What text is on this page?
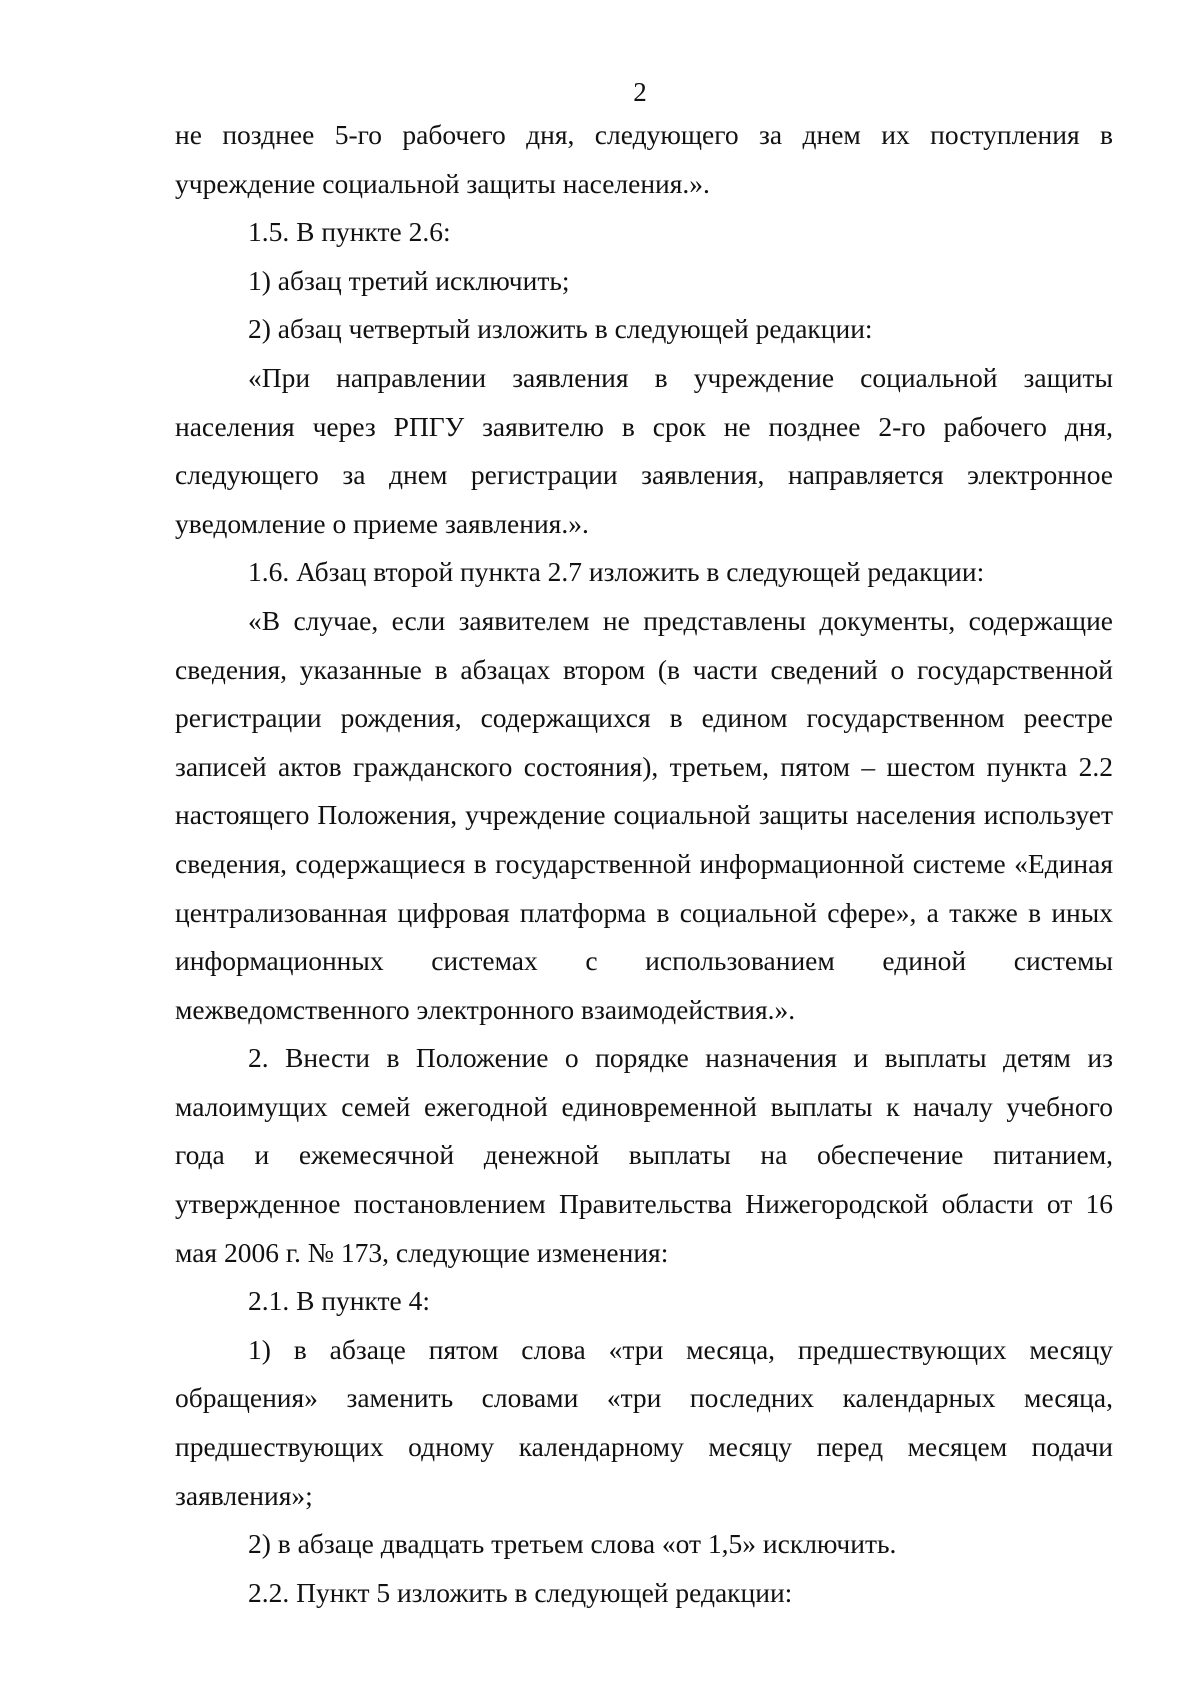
2

не позднее 5-го рабочего дня, следующего за днем их поступления в учреждение социальной защиты населения.».

1.5. В пункте 2.6:

1) абзац третий исключить;

2) абзац четвертый изложить в следующей редакции:

«При направлении заявления в учреждение социальной защиты населения через РПГУ заявителю в срок не позднее 2-го рабочего дня, следующего за днем регистрации заявления, направляется электронное уведомление о приеме заявления.».

1.6. Абзац второй пункта 2.7 изложить в следующей редакции:

«В случае, если заявителем не представлены документы, содержащие сведения, указанные в абзацах втором (в части сведений о государственной регистрации рождения, содержащихся в едином государственном реестре записей актов гражданского состояния), третьем, пятом – шестом пункта 2.2 настоящего Положения, учреждение социальной защиты населения использует сведения, содержащиеся в государственной информационной системе «Единая централизованная цифровая платформа в социальной сфере», а также в иных информационных системах с использованием единой системы межведомственного электронного взаимодействия.».

2. Внести в Положение о порядке назначения и выплаты детям из малоимущих семей ежегодной единовременной выплаты к началу учебного года и ежемесячной денежной выплаты на обеспечение питанием, утвержденное постановлением Правительства Нижегородской области от 16 мая 2006 г. № 173, следующие изменения:

2.1. В пункте 4:

1) в абзаце пятом слова «три месяца, предшествующих месяцу обращения» заменить словами «три последних календарных месяца, предшествующих одному календарному месяцу перед месяцем подачи заявления»;

2) в абзаце двадцать третьем слова «от 1,5» исключить.

2.2. Пункт 5 изложить в следующей редакции:
